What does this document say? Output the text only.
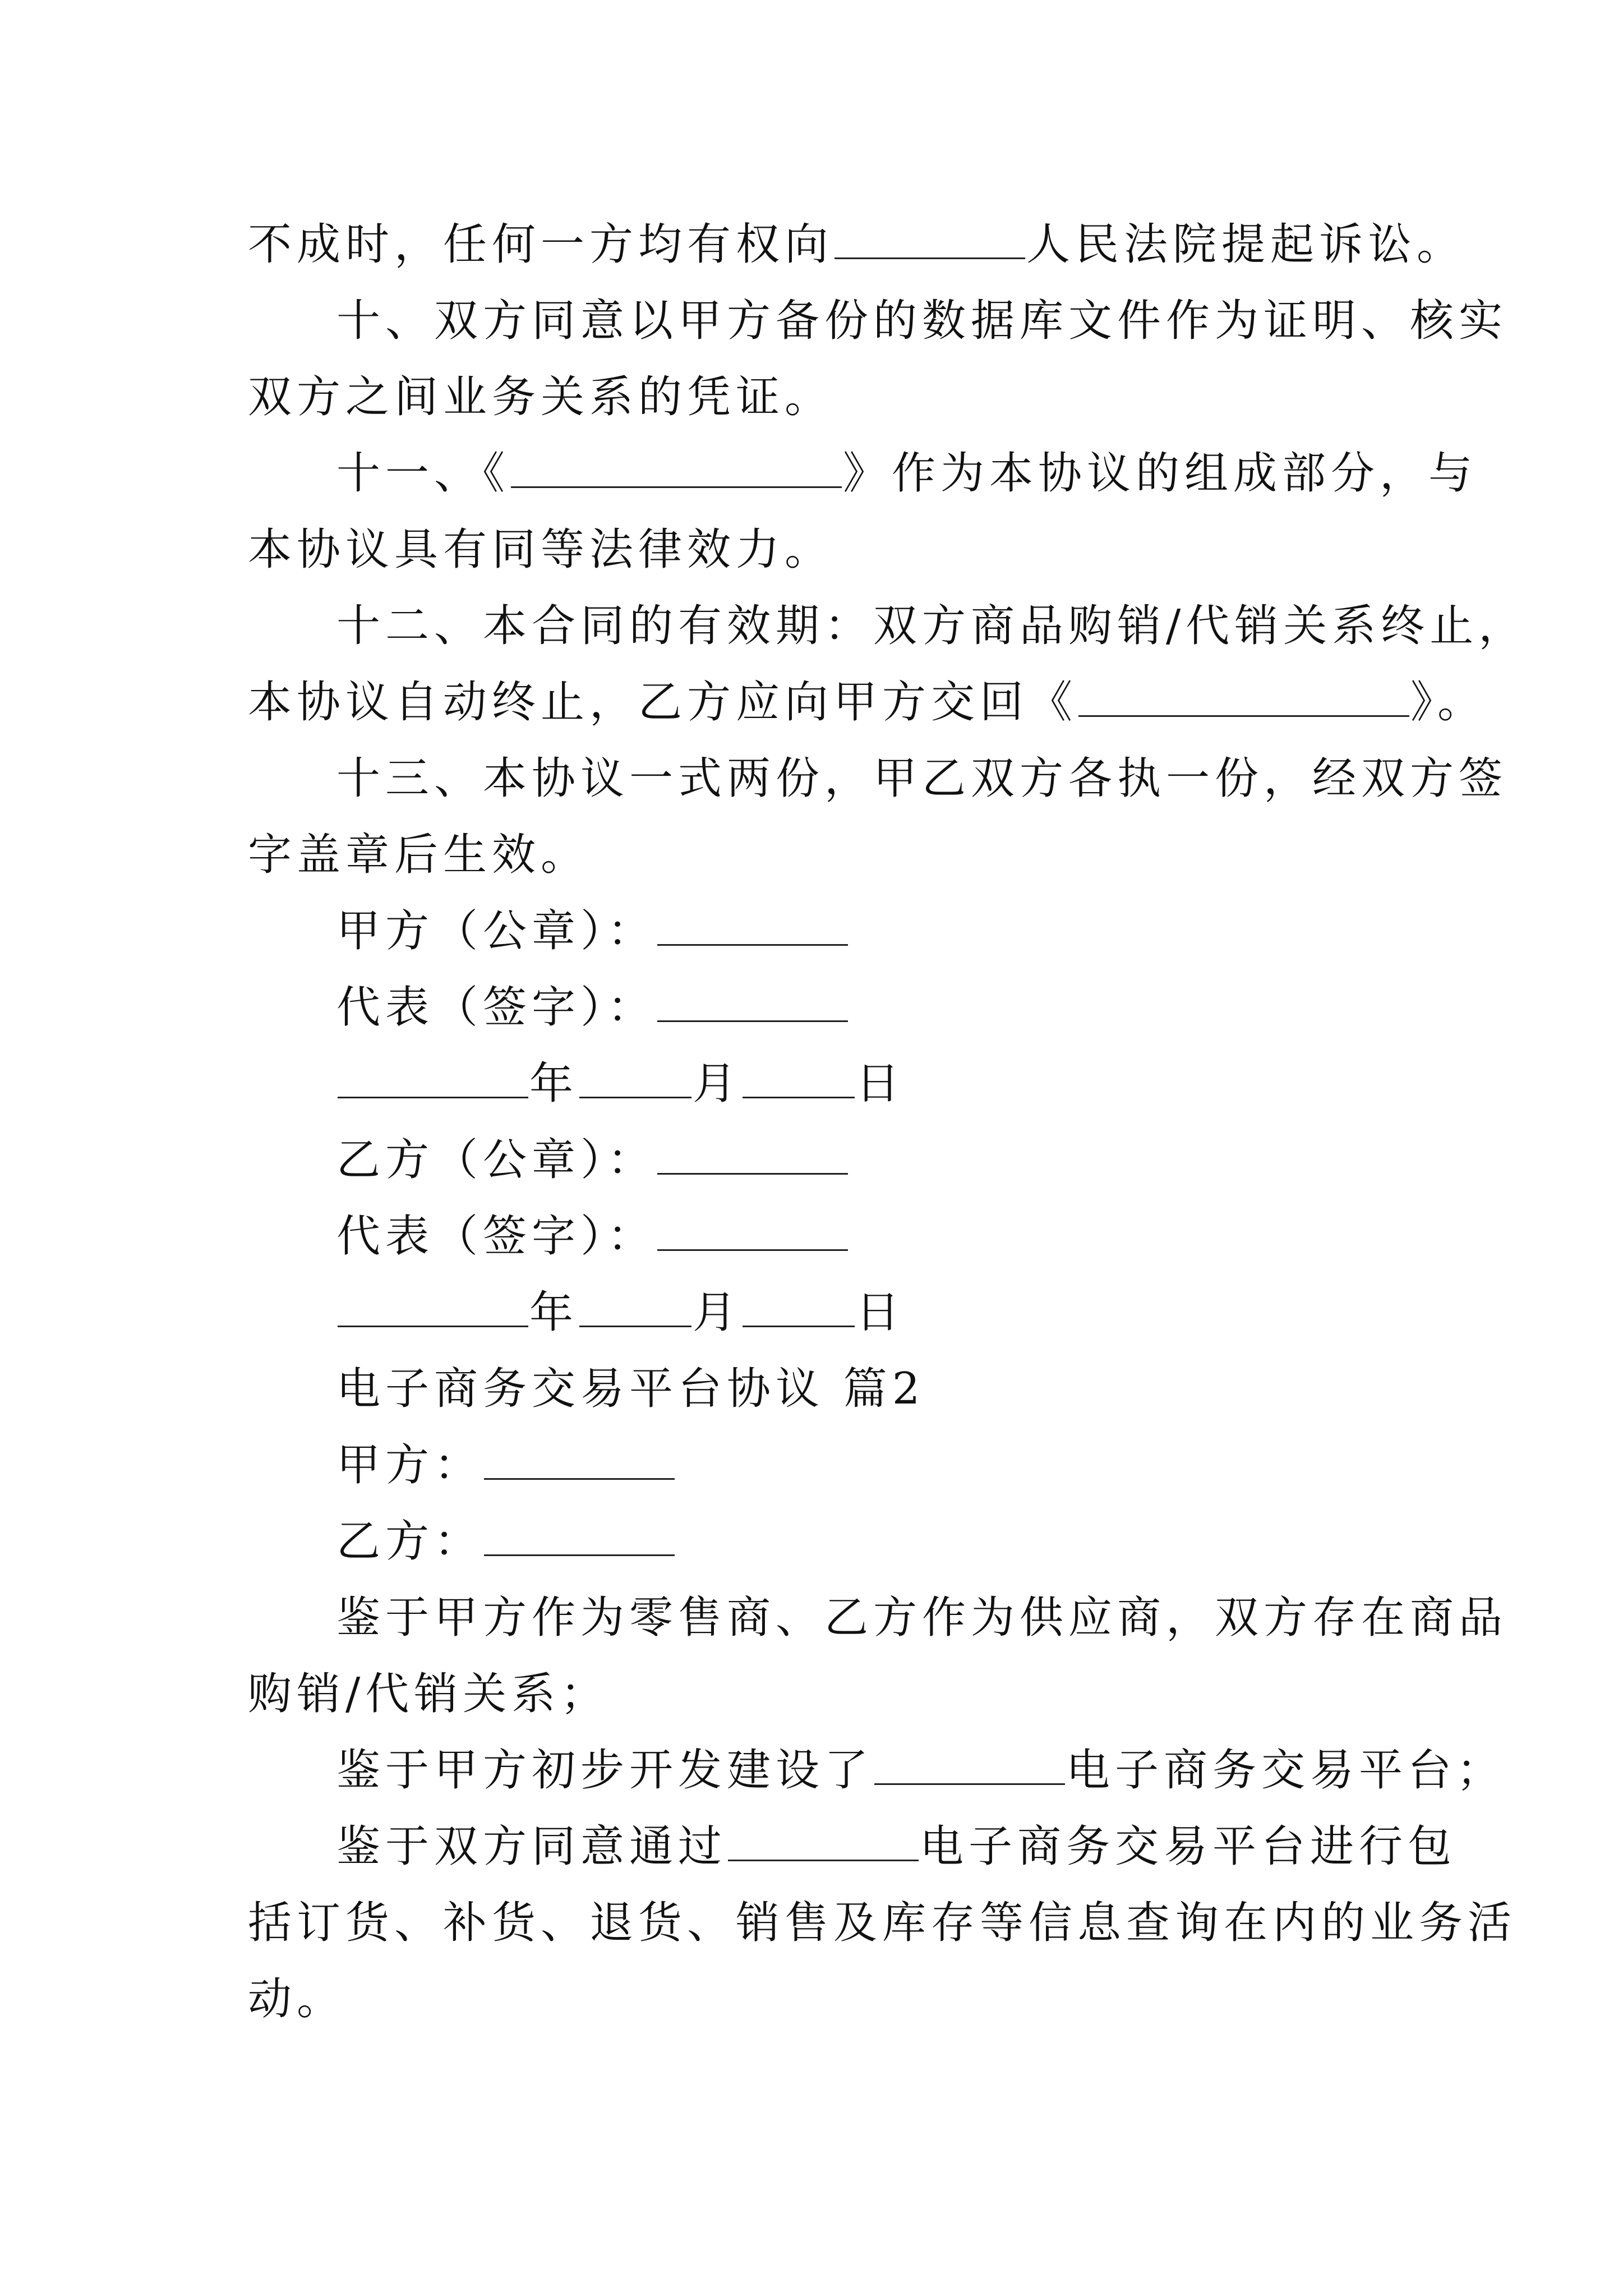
不成时，任何一方均有权向	人民法院提起诉讼。
十、双方同意以甲方备份的数据库文件作为证明、核实
双方之间业务关系的凭证。
十一、《	》作为本协议的组成部分，与
本协议具有同等法律效力。
十二、本合同的有效期：双方商品购销/代销关系终止，
本协议自动终止，乙方应向甲方交回《	》。
十三、本协议一式两份，甲乙双方各执一份，经双方签
字盖章后生效。
甲方（公章）：
代表（签字）：
年	月	日
乙方（公章）：
代表（签字）：
年	月	日
电子商务交易平台协议 篇2
甲方：
乙方：
鉴于甲方作为零售商、乙方作为供应商，双方存在商品
购销/代销关系；
鉴于甲方初步开发建设了	电子商务交易平台；
鉴于双方同意通过	电子商务交易平台进行包
括订货、补货、退货、销售及库存等信息查询在内的业务活
动。
